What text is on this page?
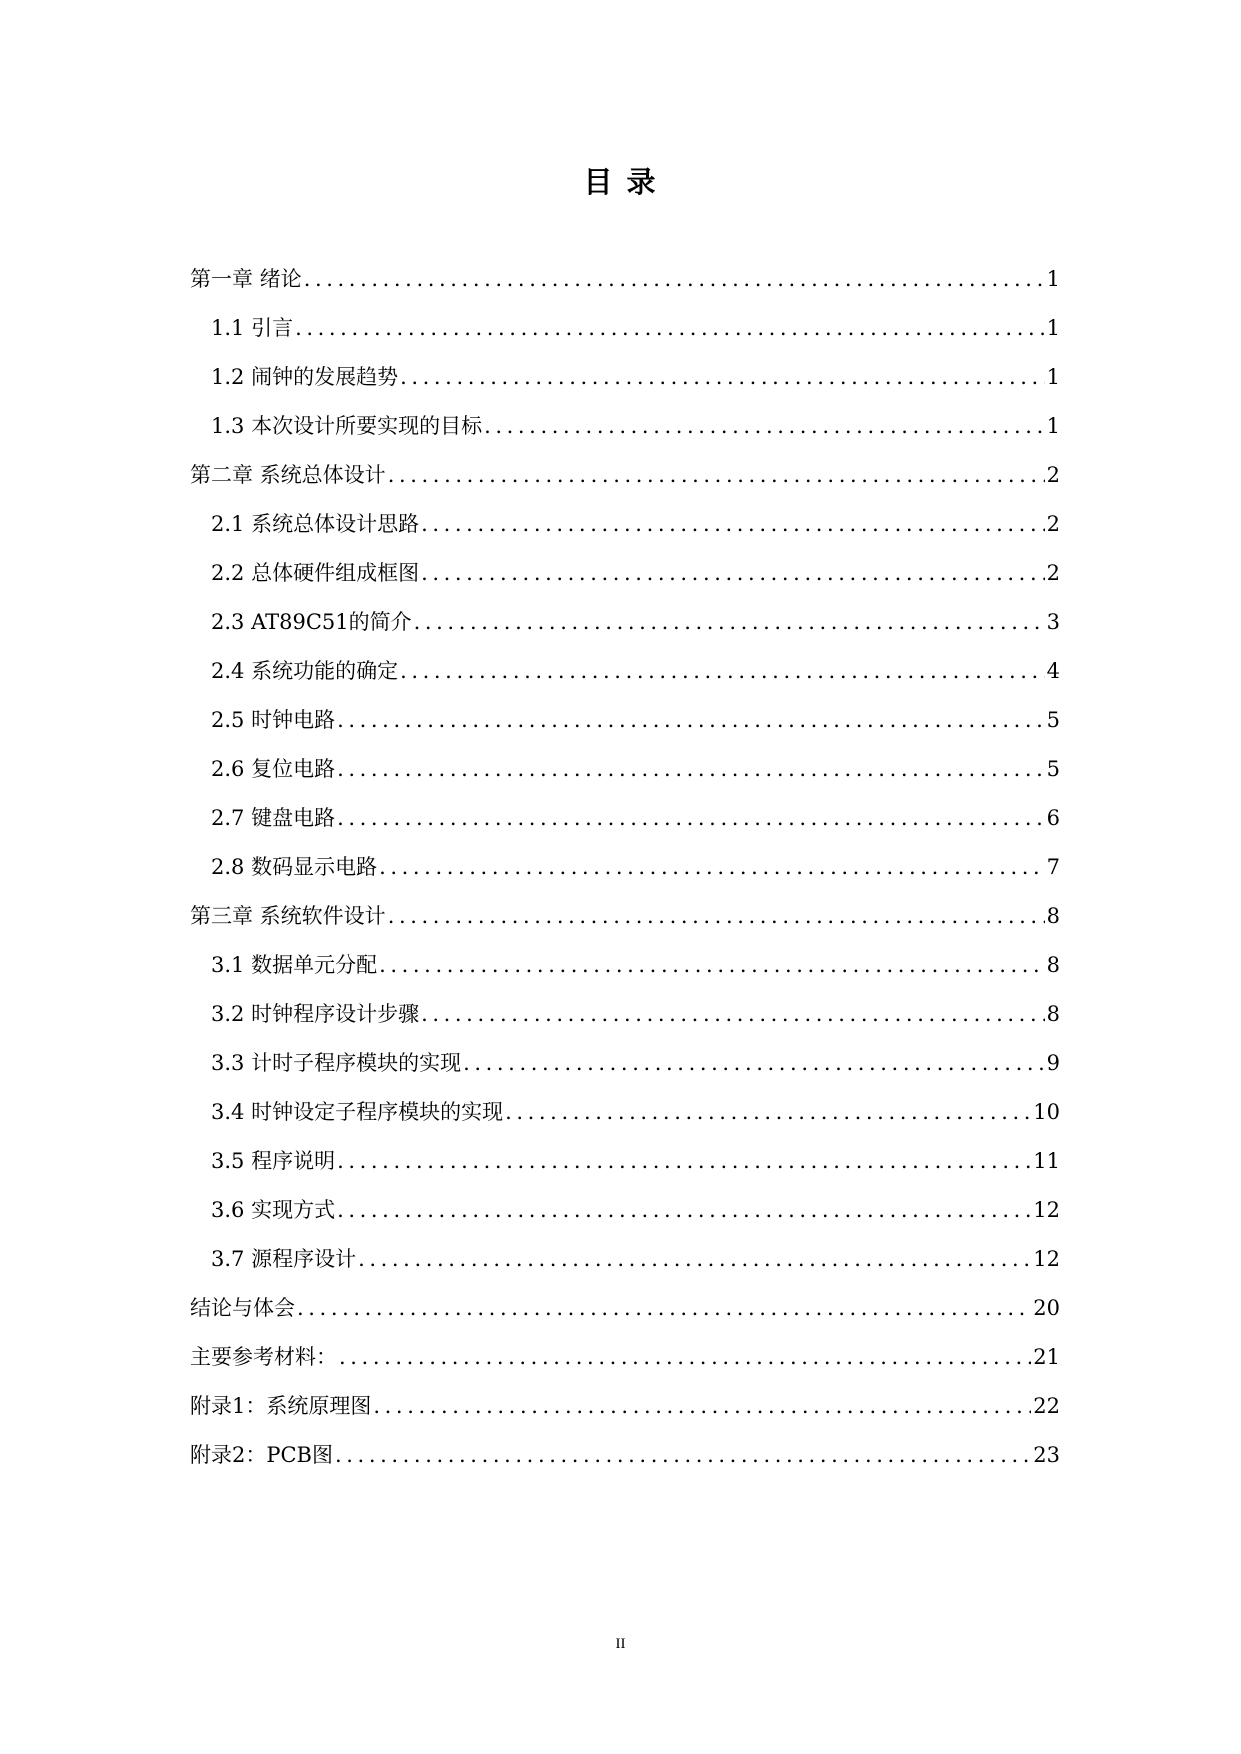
目 录
第一章 绪论 .....	1
1.1 引言 .....	1
1.2 闹钟的发展趋势 .....	1
1.3 本次设计所要实现的目标 .....	1
第二章 系统总体设计 .....	2
2.1 系统总体设计思路 .....	2
2.2 总体硬件组成框图 .....	2
2.3 AT89C51的简介 .....	3
2.4 系统功能的确定 .....	4
2.5 时钟电路 .....	5
2.6 复位电路 .....	5
2.7 键盘电路 .....	6
2.8 数码显示电路 .....	7
第三章 系统软件设计 .....	8
3.1 数据单元分配 .....	8
3.2 时钟程序设计步骤 .....	8
3.3 计时子程序模块的实现 .....	9
3.4 时钟设定子程序模块的实现 .....	10
3.5 程序说明 .....	11
3.6 实现方式 .....	12
3.7 源程序设计 .....	12
结论与体会 .....	20
主要参考材料： .....	21
附录1：系统原理图 .....	22
附录2：PCB图 .....	23
II
